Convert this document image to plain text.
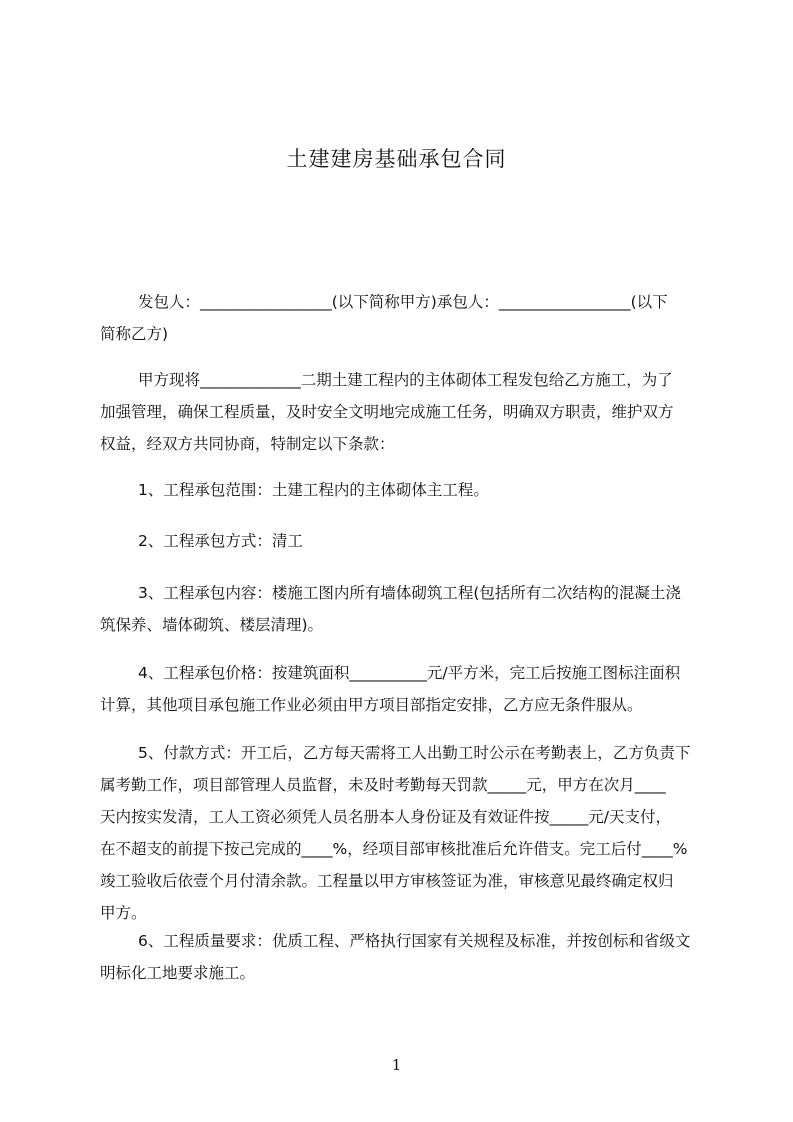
土建建房基础承包合同
发包人：_________________(以下简称甲方)承包人：_________________(以下
简称乙方)
甲方现将_____________二期土建工程内的主体砌体工程发包给乙方施工，为了
加强管理，确保工程质量，及时安全文明地完成施工任务，明确双方职责，维护双方
权益，经双方共同协商，特制定以下条款：
1、工程承包范围：土建工程内的主体砌体主工程。
2、工程承包方式：清工
3、工程承包内容：楼施工图内所有墙体砌筑工程(包括所有二次结构的混凝土浇
筑保养、墙体砌筑、楼层清理)。
4、工程承包价格：按建筑面积__________元/平方米，完工后按施工图标注面积
计算，其他项目承包施工作业必须由甲方项目部指定安排，乙方应无条件服从。
5、付款方式：开工后，乙方每天需将工人出勤工时公示在考勤表上，乙方负责下
属考勤工作，项目部管理人员监督，未及时考勤每天罚款_____元，甲方在次月____
天内按实发清，工人工资必须凭人员名册本人身份证及有效证件按_____元/天支付，
在不超支的前提下按己完成的____%，经项目部审核批准后允许借支。完工后付____%
竣工验收后依壹个月付清余款。工程量以甲方审核签证为准，审核意见最终确定权归
甲方。
6、工程质量要求：优质工程、严格执行国家有关规程及标准，并按创标和省级文
明标化工地要求施工。
1
